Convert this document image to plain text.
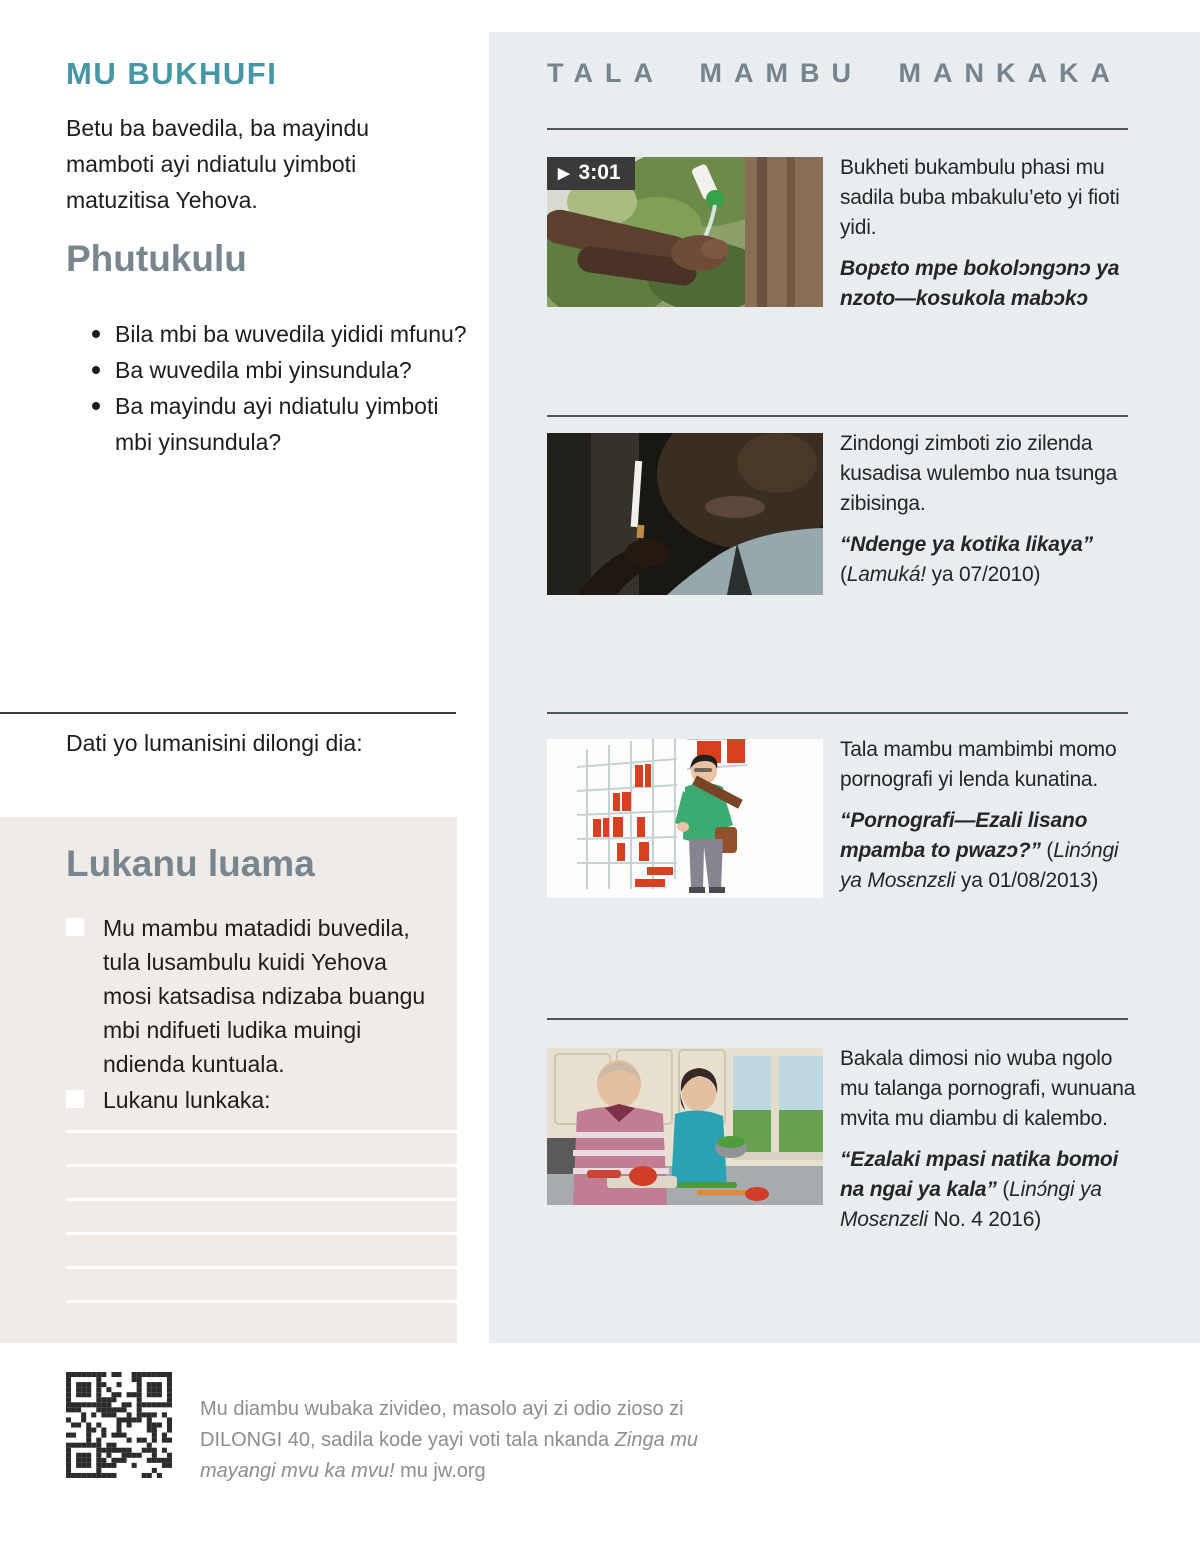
MU BUKHUFI

Betu ba bavedila, ba mayindu mamboti ayi ndiatulu yimboti matuzitisa Yehova.

Phutukulu
Bila mbi ba wuvedila yididi mfunu?
Ba wuvedila mbi yinsundula?
Ba mayindu ayi ndiatulu yimboti mbi yinsundula?

Dati yo lumanisini dilongi dia:

Lukanu luama

Mu mambu matadidi buvedila, tula lusambulu kuidi Yehova mosi katsadisa ndizaba buangu mbi ndifueti ludika muingi ndienda kuntuala.

Lukanu lunkaka:

TALA MAMBU MANKAKA
▶ 3:01	Bukheti bukambulu phasi mu sadila buba mbakulu’eto yi fioti yidi.

Bopɛto mpe bokolɔngɔnɔ ya nzoto—kosukola mabɔkɔ

Zindongi zimboti zio zilenda kusadisa wulembo nua tsunga zibisinga.

“Ndenge ya kotika likaya” (Lamuká! ya 07/2010)

Tala mambu mambimbi momo pornografi yi lenda kunatina.

“Pornografi—Ezali lisano mpamba to pwazɔ?” (Linɔ́ngi ya Mosɛnzɛli ya 01/08/2013)

Bakala dimosi nio wuba ngolo mu talanga pornografi, wunuana mvita mu diambu di kalembo.

“Ezalaki mpasi natika bomoi na ngai ya kala” (Linɔ́ngi ya Mosɛnzɛli No. 4 2016)

Mu diambu wubaka zivideo, masolo ayi zi odio zioso zi DILONGI 40, sadila kode yayi voti tala nkanda Zinga mu mayangi mvu ka mvu! mu jw.org
